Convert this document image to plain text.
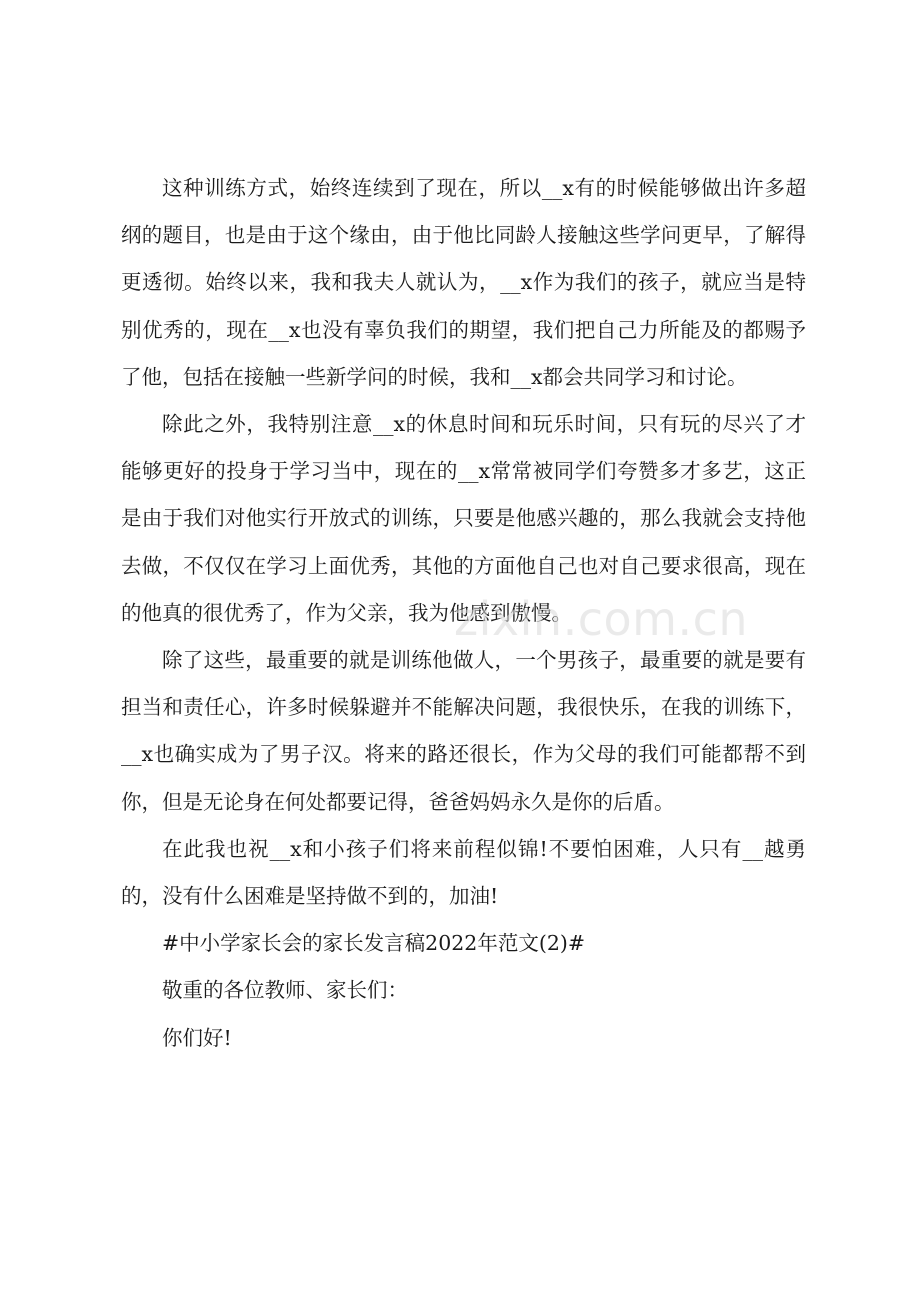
这种训练方式，始终连续到了现在，所以__x有的时候能够做出许多超纲的题目，也是由于这个缘由，由于他比同龄人接触这些学问更早，了解得更透彻。始终以来，我和我夫人就认为，__x作为我们的孩子，就应当是特别优秀的，现在__x也没有辜负我们的期望，我们把自己力所能及的都赐予了他，包括在接触一些新学问的时候，我和__x都会共同学习和讨论。

除此之外，我特别注意__x的休息时间和玩乐时间，只有玩的尽兴了才能够更好的投身于学习当中，现在的__x常常被同学们夸赞多才多艺，这正是由于我们对他实行开放式的训练，只要是他感兴趣的，那么我就会支持他去做，不仅仅在学习上面优秀，其他的方面他自己也对自己要求很高，现在的他真的很优秀了，作为父亲，我为他感到傲慢。

除了这些，最重要的就是训练他做人，一个男孩子，最重要的就是要有担当和责任心，许多时候躲避并不能解决问题，我很快乐，在我的训练下，__x也确实成为了男子汉。将来的路还很长，作为父母的我们可能都帮不到你，但是无论身在何处都要记得，爸爸妈妈永久是你的后盾。

在此我也祝__x和小孩子们将来前程似锦!不要怕困难，人只有__越勇的，没有什么困难是坚持做不到的，加油!

#中小学家长会的家长发言稿2022年范文(2)#

敬重的各位教师、家长们：

你们好!

zixin.com.cn
